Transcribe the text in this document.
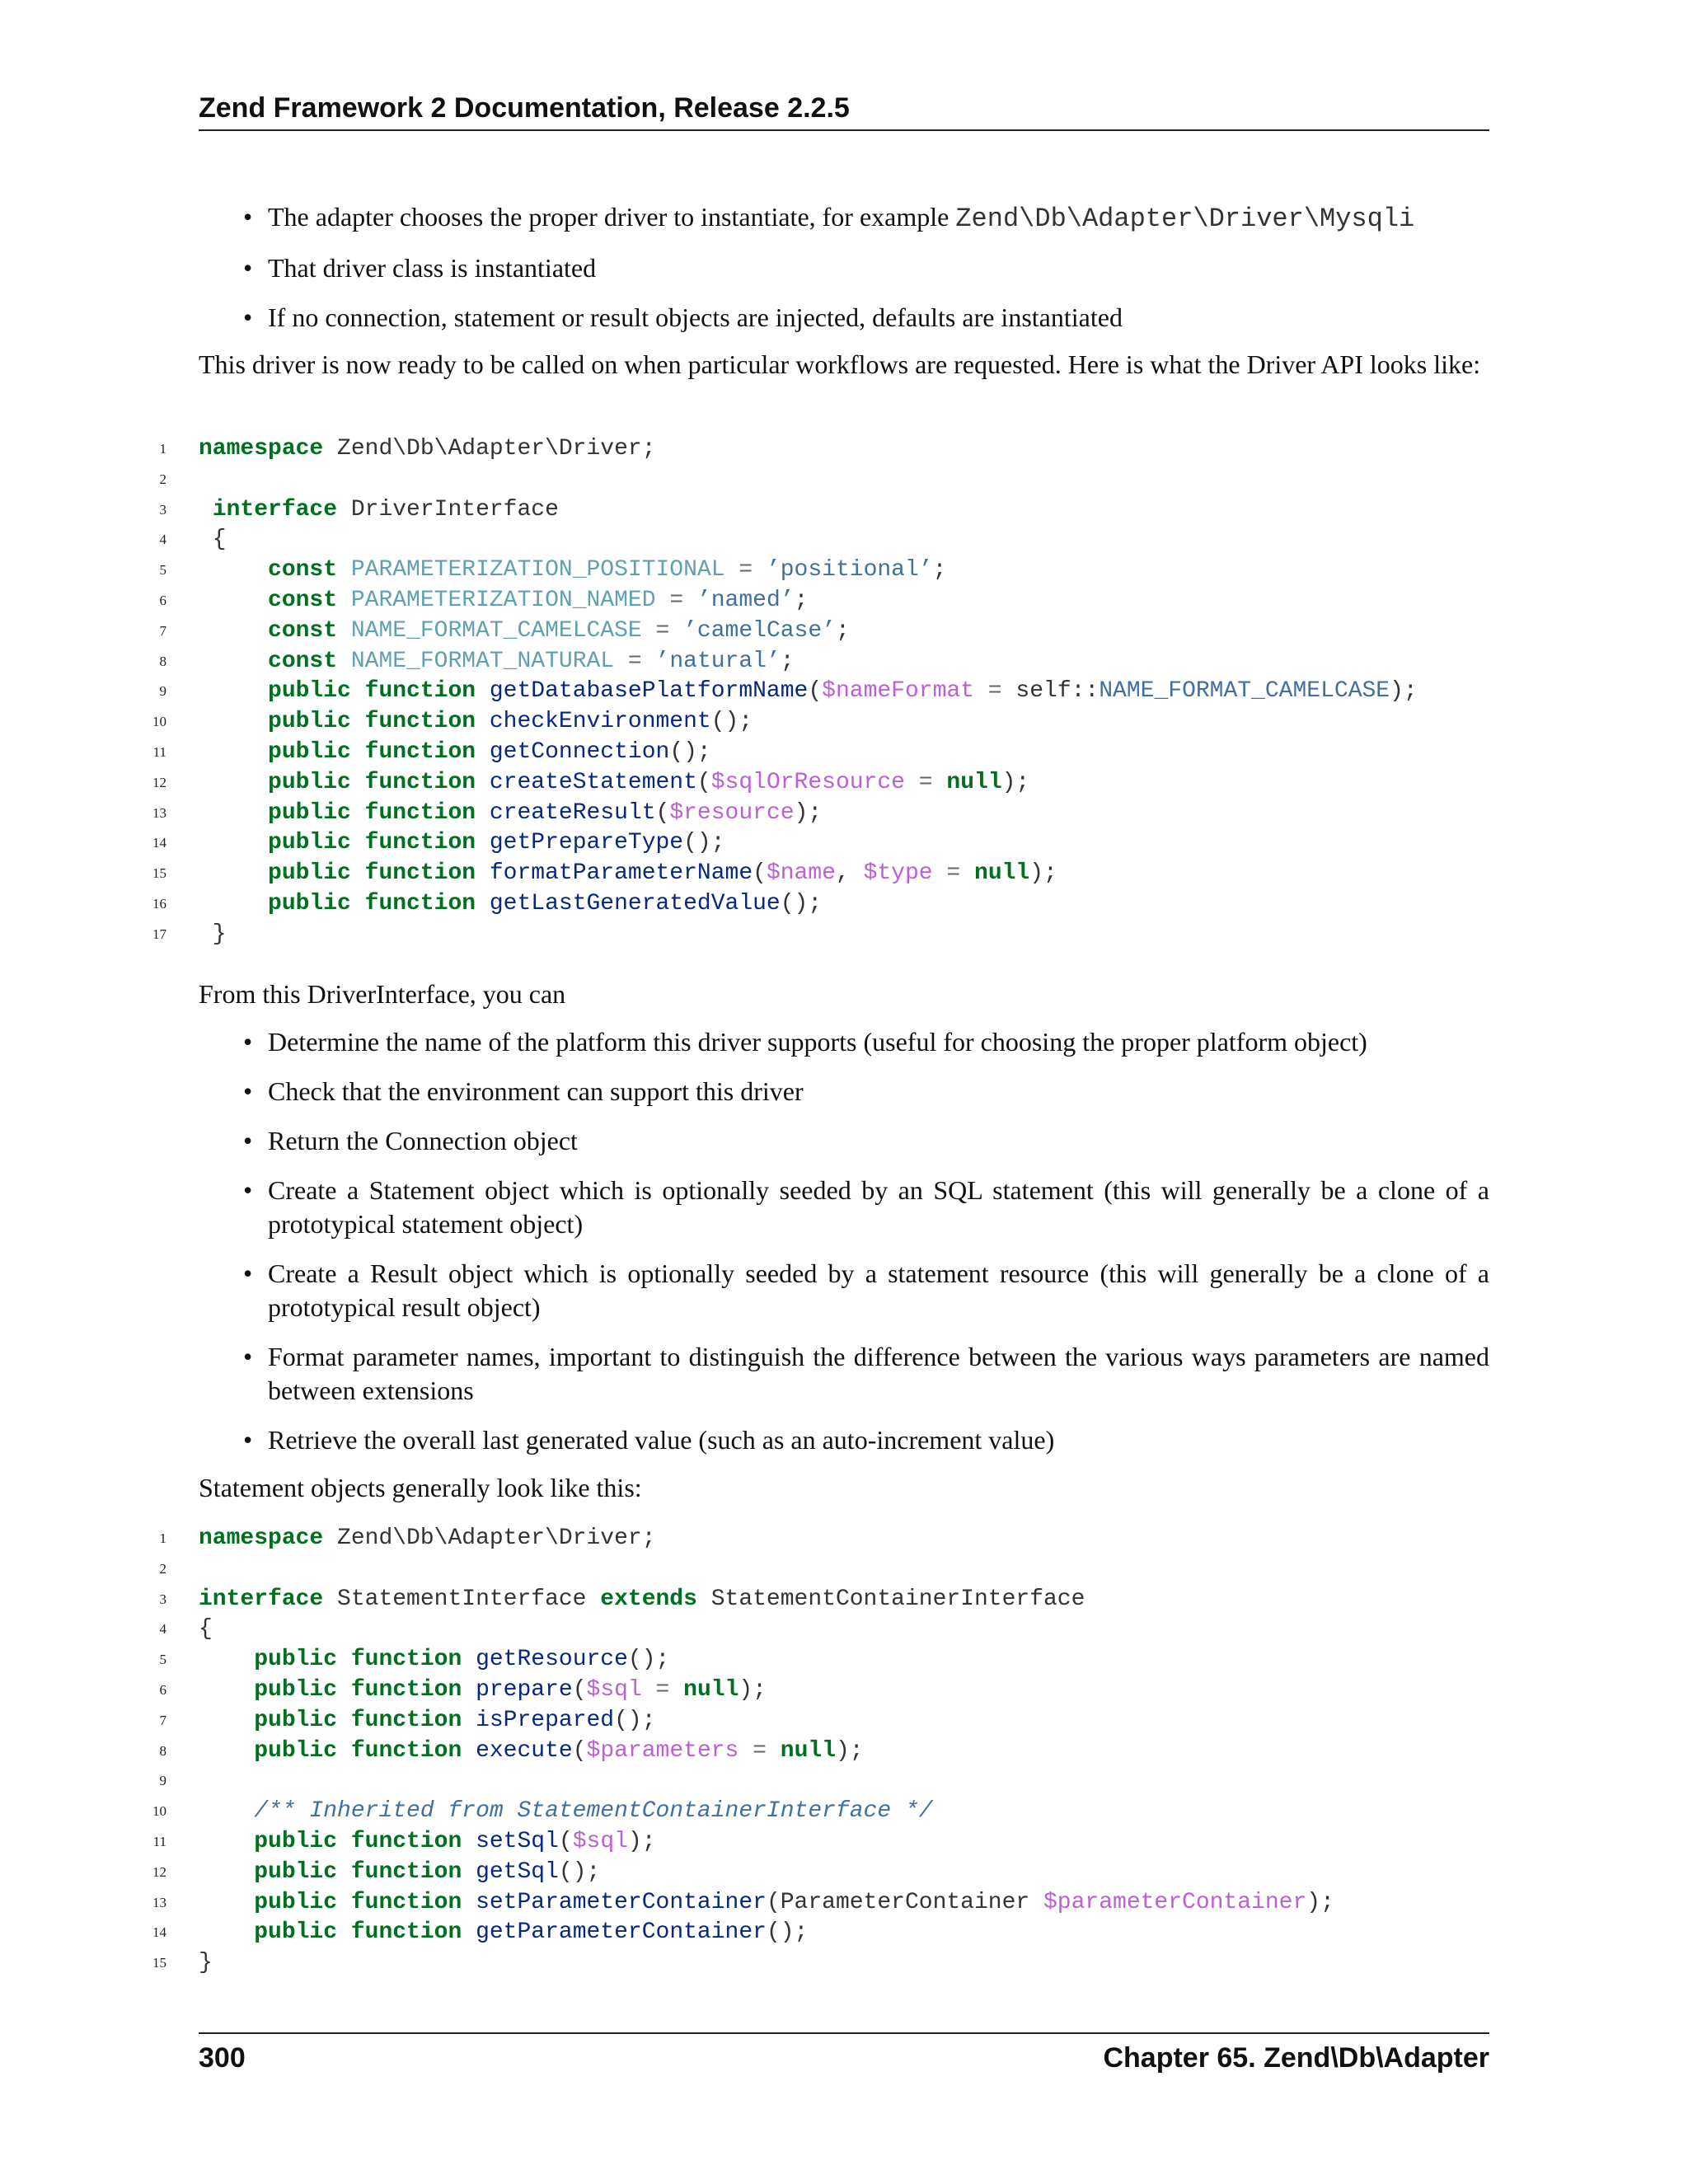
Zend Framework 2 Documentation, Release 2.2.5
• The adapter chooses the proper driver to instantiate, for example Zend\Db\Adapter\Driver\Mysqli
• That driver class is instantiated
• If no connection, statement or result objects are injected, defaults are instantiated

This driver is now ready to be called on when particular workflows are requested. Here is what the Driver API looks like:

1 namespace Zend\Db\Adapter\Driver;
2
3	interface DriverInterface
4 {
5	const PARAMETERIZATION_POSITIONAL = ’positional’;
6	const PARAMETERIZATION_NAMED = ’named’;
7	const NAME_FORMAT_CAMELCASE = ’camelCase’;
8	const NAME_FORMAT_NATURAL = ’natural’;
9	public function getDatabasePlatformName($nameFormat = self::NAME_FORMAT_CAMELCASE);
10	public function checkEnvironment();
11	public function getConnection();
12	public function createStatement($sqlOrResource = null);
13	public function createResult($resource);
14	public function getPrepareType();
15	public function formatParameterName($name, $type = null);
16	public function getLastGeneratedValue();
17 }

From this DriverInterface, you can

• Determine the name of the platform this driver supports (useful for choosing the proper platform object)
• Check that the environment can support this driver
• Return the Connection object
• Create a Statement object which is optionally seeded by an SQL statement (this will generally be a clone of a prototypical statement object)
• Create a Result object which is optionally seeded by a statement resource (this will generally be a clone of a prototypical result object)
• Format parameter names, important to distinguish the difference between the various ways parameters are named between extensions
• Retrieve the overall last generated value (such as an auto-increment value)

Statement objects generally look like this:

1 namespace Zend\Db\Adapter\Driver;
2
3 interface StatementInterface extends StatementContainerInterface
4 {
5	public function getResource();
6	public function prepare($sql = null);
7	public function isPrepared();
8	public function execute($parameters = null);
9
10	/** Inherited from StatementContainerInterface */
11	public function setSql($sql);
12	public function getSql();
13	public function setParameterContainer(ParameterContainer $parameterContainer);
14	public function getParameterContainer();
15 }
300	Chapter 65. Zend\Db\Adapter
